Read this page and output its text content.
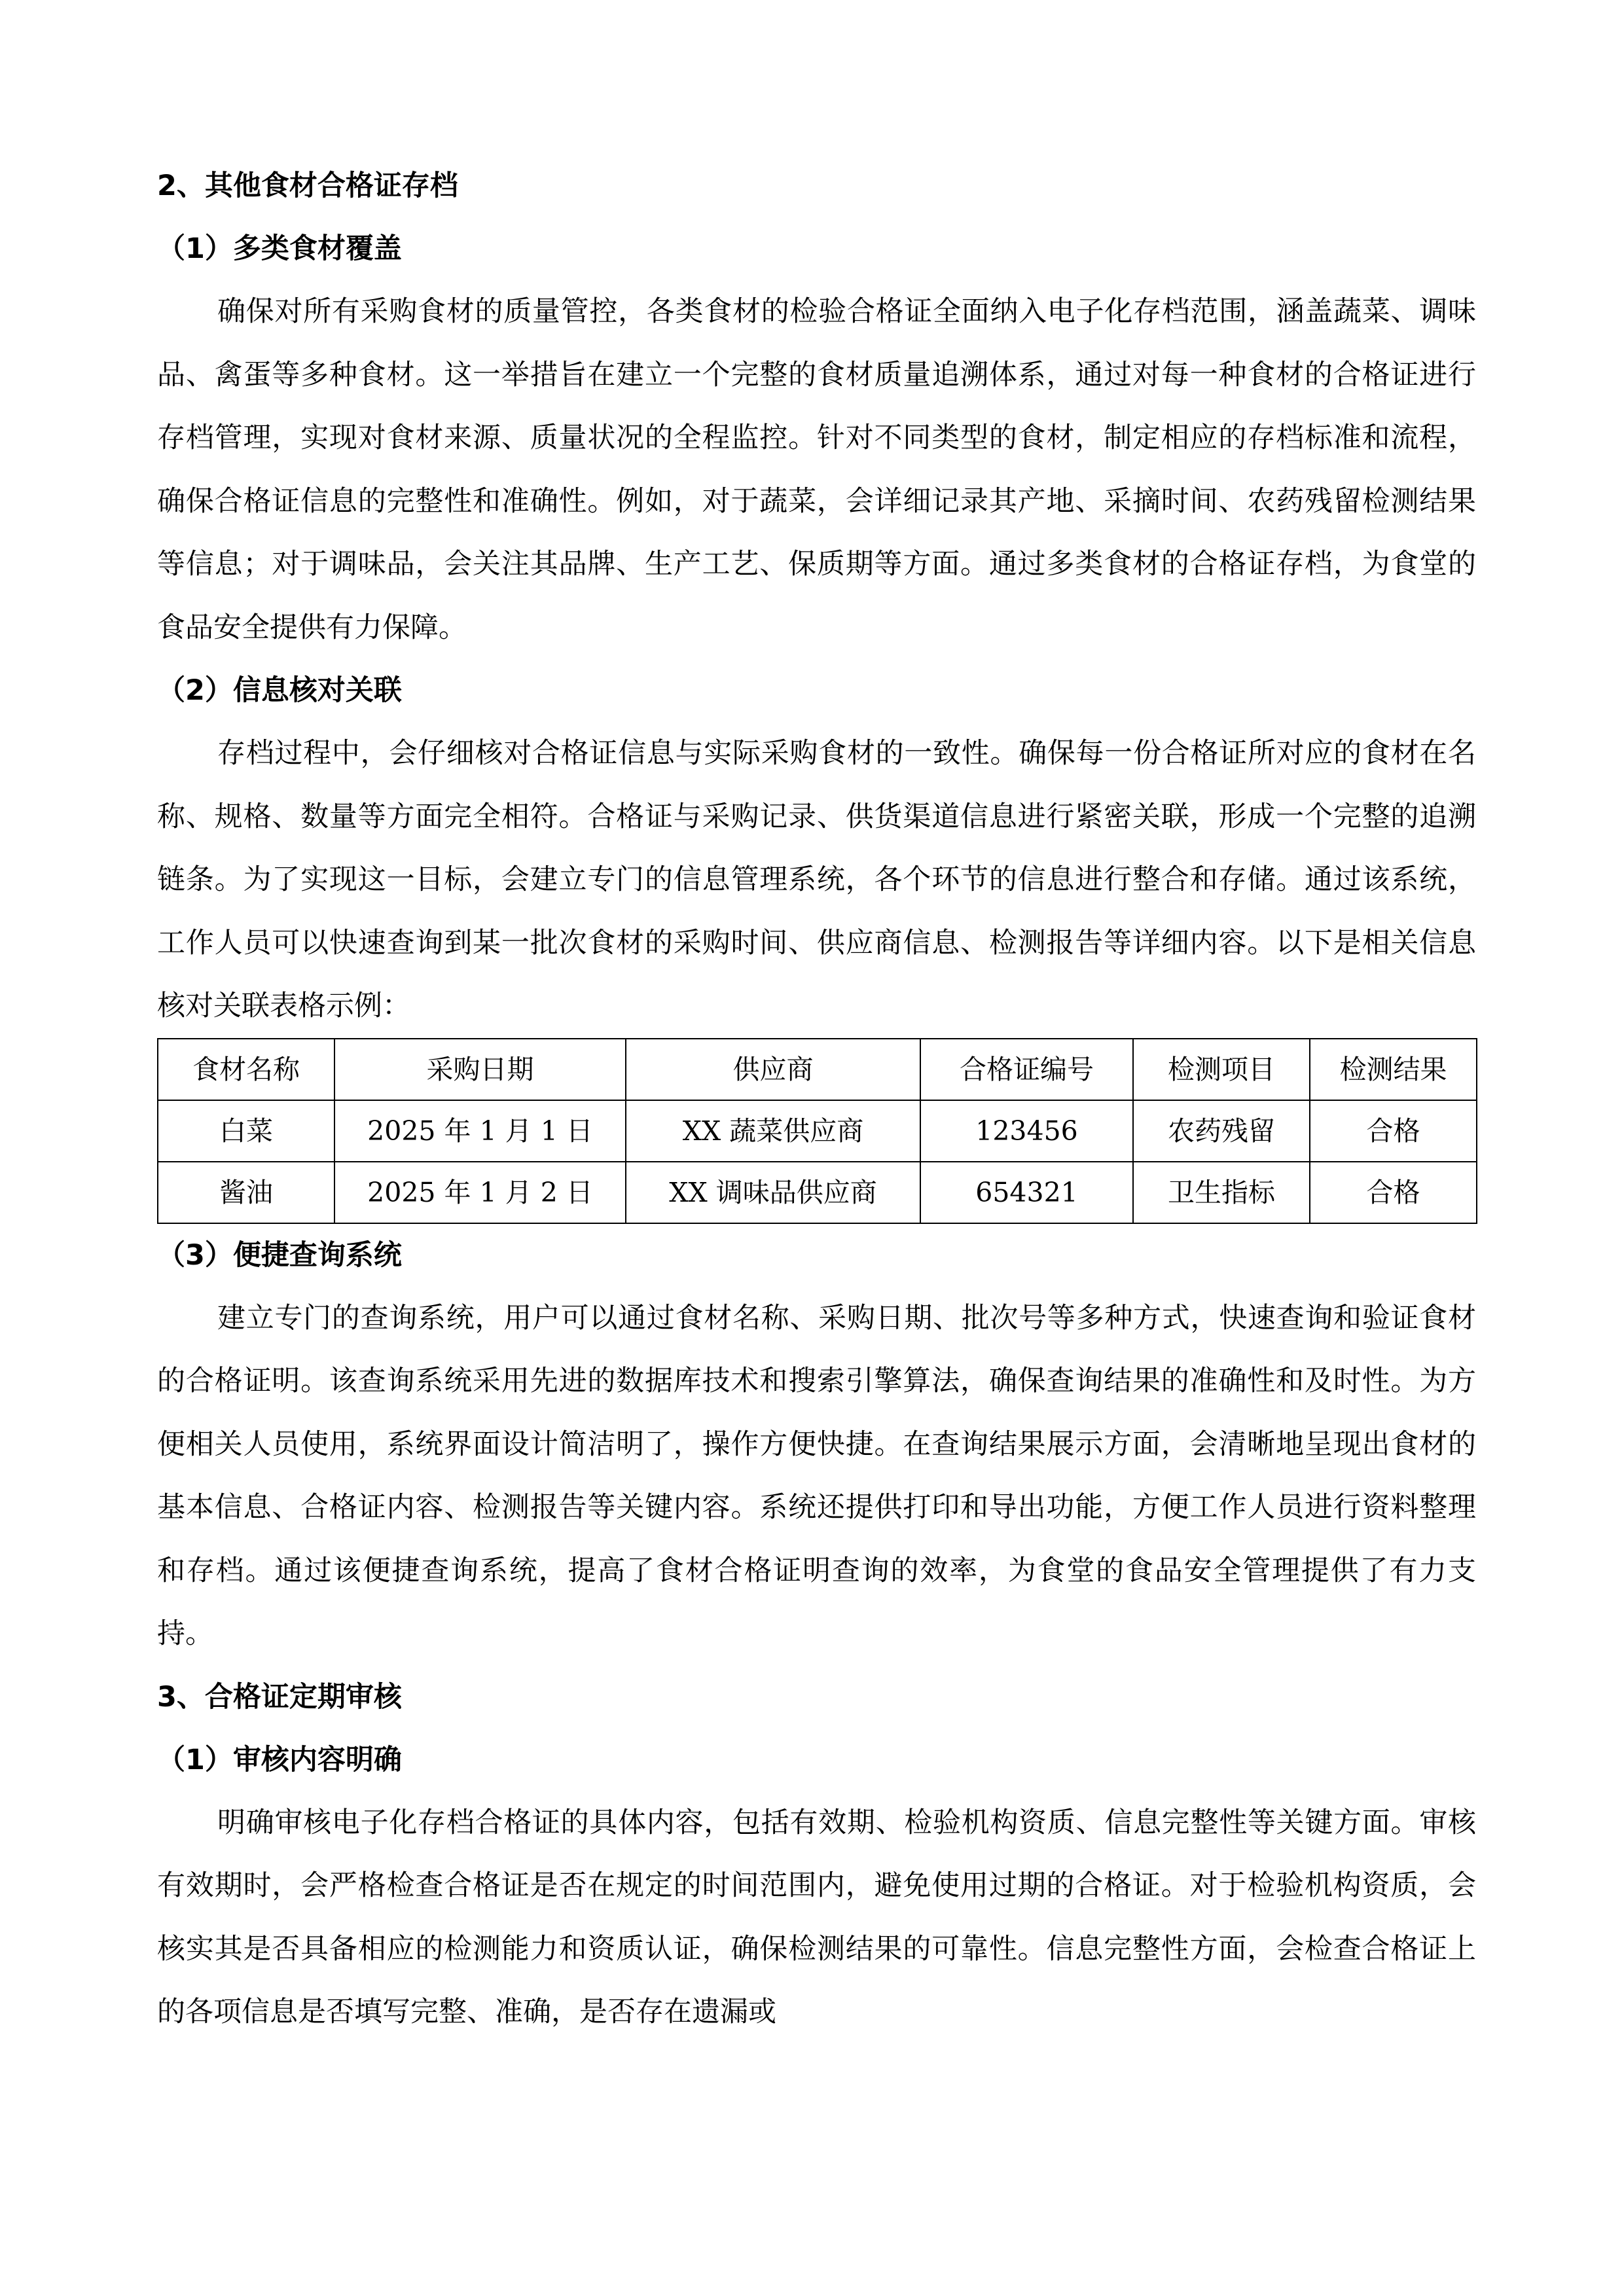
2、其他食材合格证存档

（1）多类食材覆盖

确保对所有采购食材的质量管控，各类食材的检验合格证全面纳入电子化存档范围，涵盖蔬菜、调味品、禽蛋等多种食材。这一举措旨在建立一个完整的食材质量追溯体系，通过对每一种食材的合格证进行存档管理，实现对食材来源、质量状况的全程监控。针对不同类型的食材，制定相应的存档标准和流程，确保合格证信息的完整性和准确性。例如，对于蔬菜，会详细记录其产地、采摘时间、农药残留检测结果等信息；对于调味品，会关注其品牌、生产工艺、保质期等方面。通过多类食材的合格证存档，为食堂的食品安全提供有力保障。

（2）信息核对关联

存档过程中，会仔细核对合格证信息与实际采购食材的一致性。确保每一份合格证所对应的食材在名称、规格、数量等方面完全相符。合格证与采购记录、供货渠道信息进行紧密关联，形成一个完整的追溯链条。为了实现这一目标，会建立专门的信息管理系统，各个环节的信息进行整合和存储。通过该系统，工作人员可以快速查询到某一批次食材的采购时间、供应商信息、检测报告等详细内容。以下是相关信息核对关联表格示例：

食材名称	采购日期	供应商	合格证编号	检测项目	检测结果
白菜	2025 年 1 月 1 日	XX 蔬菜供应商	123456	农药残留	合格
酱油	2025 年 1 月 2 日	XX 调味品供应商	654321	卫生指标	合格

（3）便捷查询系统

建立专门的查询系统，用户可以通过食材名称、采购日期、批次号等多种方式，快速查询和验证食材的合格证明。该查询系统采用先进的数据库技术和搜索引擎算法，确保查询结果的准确性和及时性。为方便相关人员使用，系统界面设计简洁明了，操作方便快捷。在查询结果展示方面，会清晰地呈现出食材的基本信息、合格证内容、检测报告等关键内容。系统还提供打印和导出功能，方便工作人员进行资料整理和存档。通过该便捷查询系统，提高了食材合格证明查询的效率，为食堂的食品安全管理提供了有力支持。

3、合格证定期审核

（1）审核内容明确

明确审核电子化存档合格证的具体内容，包括有效期、检验机构资质、信息完整性等关键方面。审核有效期时，会严格检查合格证是否在规定的时间范围内，避免使用过期的合格证。对于检验机构资质，会核实其是否具备相应的检测能力和资质认证，确保检测结果的可靠性。信息完整性方面，会检查合格证上的各项信息是否填写完整、准确，是否存在遗漏或
